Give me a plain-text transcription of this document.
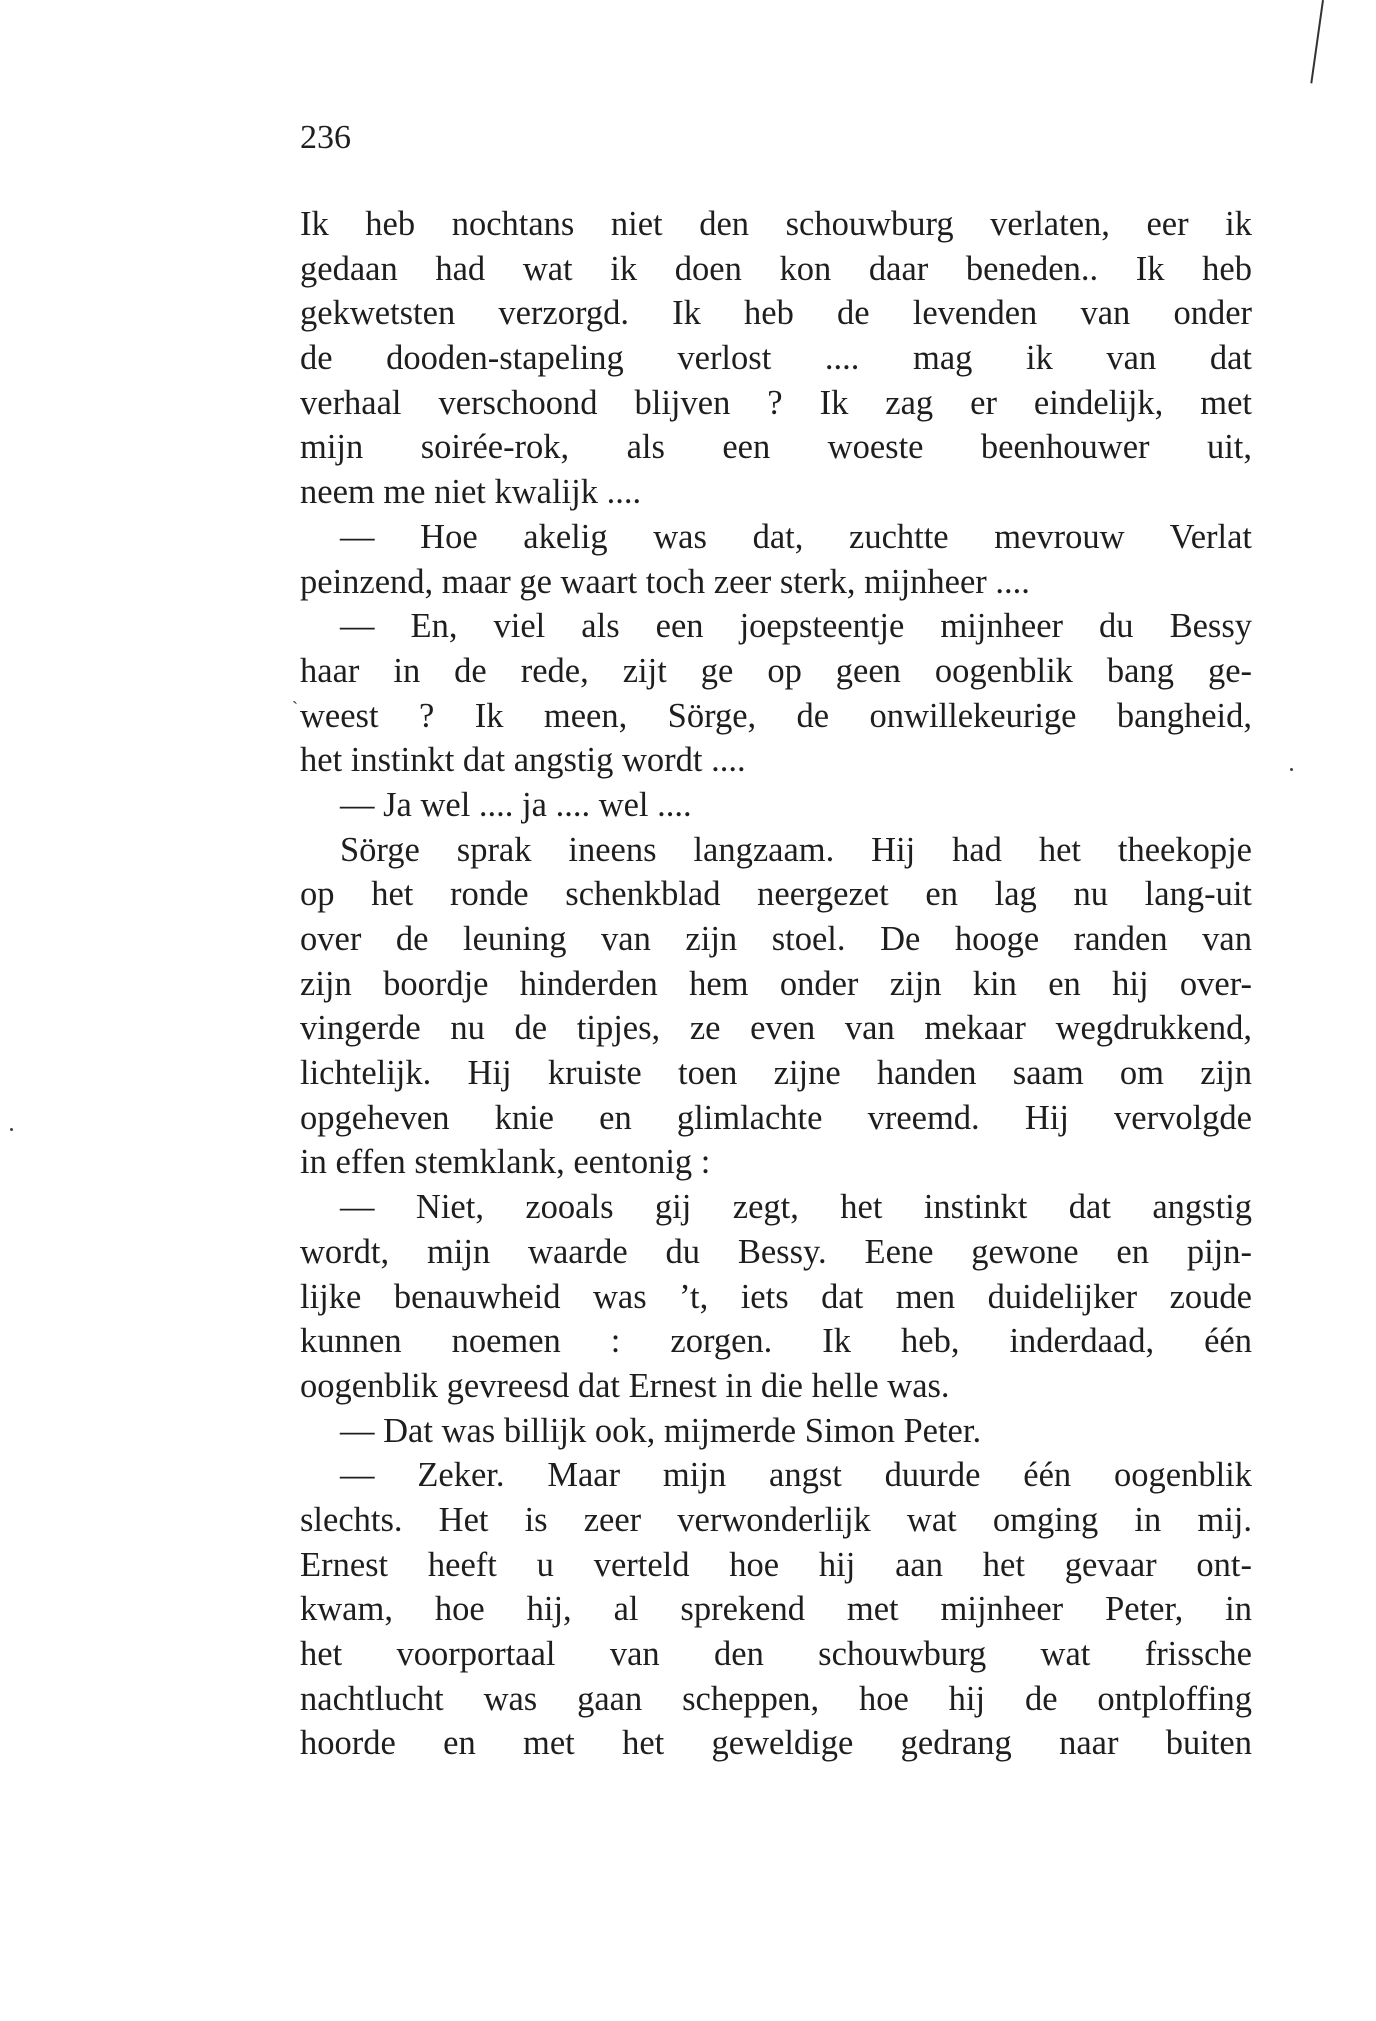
236
ˎ
Ik heb nochtans niet den schouwburg verlaten, eer ik
gedaan had wat ik doen kon daar beneden.. Ik heb
gekwetsten verzorgd. Ik heb de levenden van onder
de dooden-stapeling verlost .... mag ik van dat
verhaal verschoond blijven ? Ik zag er eindelijk, met
mijn soirée-rok, als een woeste beenhouwer uit,
neem me niet kwalijk ....
— Hoe akelig was dat, zuchtte mevrouw Verlat
peinzend, maar ge waart toch zeer sterk, mijnheer ....
— En, viel als een joepsteentje mijnheer du Bessy
haar in de rede, zijt ge op geen oogenblik bang ge-
weest ? Ik meen, Sörge, de onwillekeurige bangheid,
het instinkt dat angstig wordt ....
— Ja wel .... ja .... wel ....
Sörge sprak ineens langzaam. Hij had het theekopje
op het ronde schenkblad neergezet en lag nu lang-uit
over de leuning van zijn stoel. De hooge randen van
zijn boordje hinderden hem onder zijn kin en hij over-
vingerde nu de tipjes, ze even van mekaar wegdrukkend,
lichtelijk. Hij kruiste toen zijne handen saam om zijn
opgeheven knie en glimlachte vreemd. Hij vervolgde
in effen stemklank, eentonig :
— Niet, zooals gij zegt, het instinkt dat angstig
wordt, mijn waarde du Bessy. Eene gewone en pijn-
lijke benauwheid was ’t, iets dat men duidelijker zoude
kunnen noemen : zorgen. Ik heb, inderdaad, één
oogenblik gevreesd dat Ernest in die helle was.
— Dat was billijk ook, mijmerde Simon Peter.
— Zeker. Maar mijn angst duurde één oogenblik
slechts. Het is zeer verwonderlijk wat omging in mij.
Ernest heeft u verteld hoe hij aan het gevaar ont-
kwam, hoe hij, al sprekend met mijnheer Peter, in
het voorportaal van den schouwburg wat frissche
nachtlucht was gaan scheppen, hoe hij de ontploffing
hoorde en met het geweldige gedrang naar buiten
